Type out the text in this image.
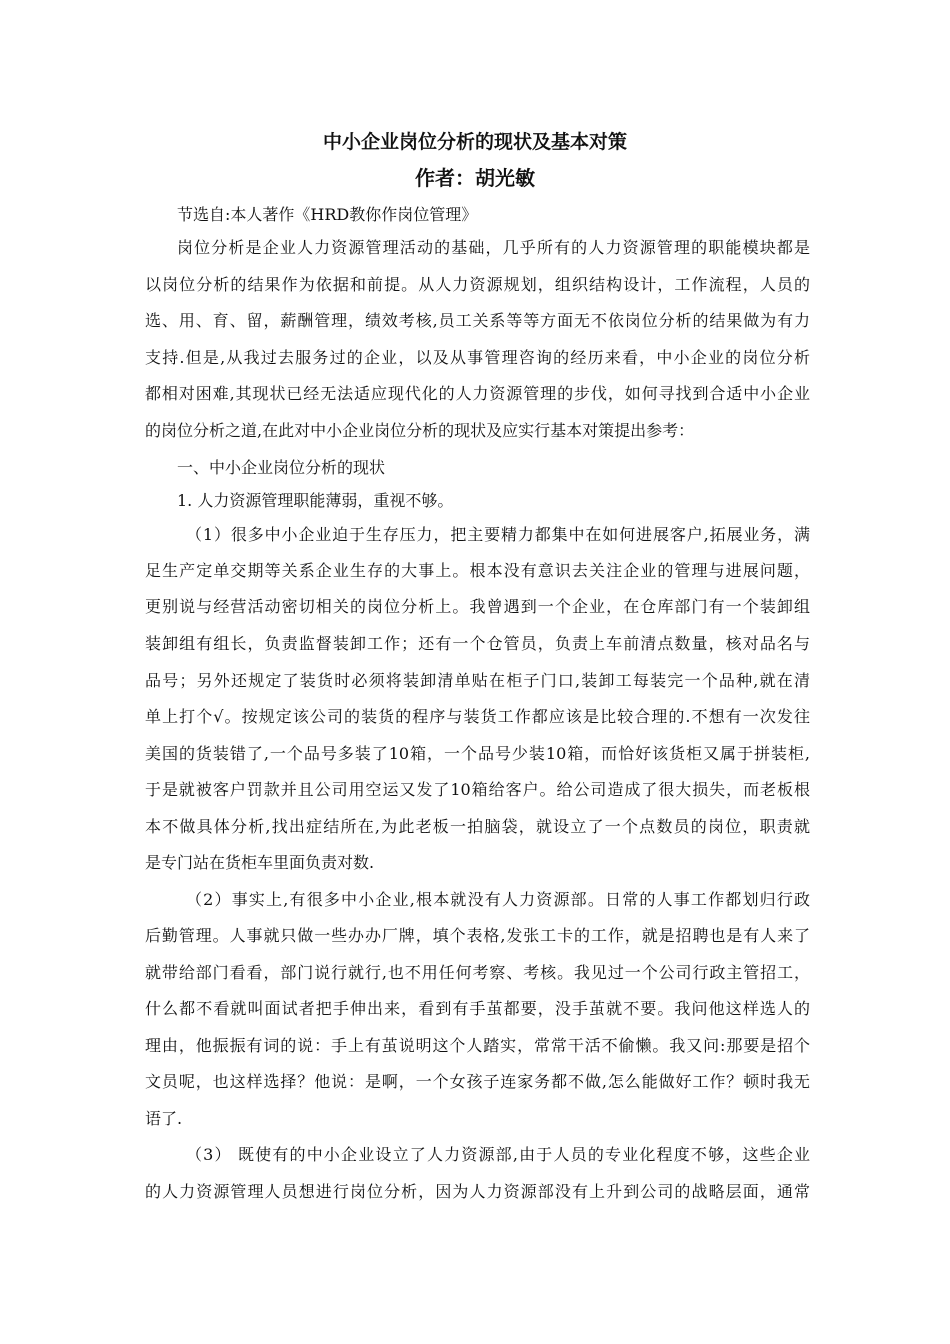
中小企业岗位分析的现状及基本对策
作者：胡光敏
节选自:本人著作《HRD教你作岗位管理》
岗位分析是企业人力资源管理活动的基础，几乎所有的人力资源管理的职能模块都是
以岗位分析的结果作为依据和前提。从人力资源规划，组织结构设计，工作流程，人员的
选、用、育、留，薪酬管理，绩效考核,员工关系等等方面无不依岗位分析的结果做为有力
支持.但是,从我过去服务过的企业，以及从事管理咨询的经历来看，中小企业的岗位分析
都相对困难,其现状已经无法适应现代化的人力资源管理的步伐，如何寻找到合适中小企业
的岗位分析之道,在此对中小企业岗位分析的现状及应实行基本对策提出参考：
一、中小企业岗位分析的现状
1. 人力资源管理职能薄弱，重视不够。
（1）很多中小企业迫于生存压力，把主要精力都集中在如何进展客户,拓展业务，满
足生产定单交期等关系企业生存的大事上。根本没有意识去关注企业的管理与进展问题，
更别说与经营活动密切相关的岗位分析上。我曾遇到一个企业，在仓库部门有一个装卸组
装卸组有组长，负责监督装卸工作；还有一个仓管员，负责上车前清点数量，核对品名与
品号；另外还规定了装货时必须将装卸清单贴在柜子门口,装卸工每装完一个品种,就在清
单上打个√。按规定该公司的装货的程序与装货工作都应该是比较合理的.不想有一次发往
美国的货装错了,一个品号多装了10箱，一个品号少装10箱，而恰好该货柜又属于拼装柜,
于是就被客户罚款并且公司用空运又发了10箱给客户。给公司造成了很大损失，而老板根
本不做具体分析,找出症结所在,为此老板一拍脑袋，就设立了一个点数员的岗位，职责就
是专门站在货柜车里面负责对数.
（2）事实上,有很多中小企业,根本就没有人力资源部。日常的人事工作都划归行政
后勤管理。人事就只做一些办办厂牌，填个表格,发张工卡的工作，就是招聘也是有人来了
就带给部门看看，部门说行就行,也不用任何考察、考核。我见过一个公司行政主管招工，
什么都不看就叫面试者把手伸出来，看到有手茧都要，没手茧就不要。我问他这样选人的
理由，他振振有词的说：手上有茧说明这个人踏实，常常干活不偷懒。我又问:那要是招个
文员呢，也这样选择？他说：是啊，一个女孩子连家务都不做,怎么能做好工作？顿时我无
语了.
（3） 既使有的中小企业设立了人力资源部,由于人员的专业化程度不够，这些企业
的人力资源管理人员想进行岗位分析，因为人力资源部没有上升到公司的战略层面，通常
